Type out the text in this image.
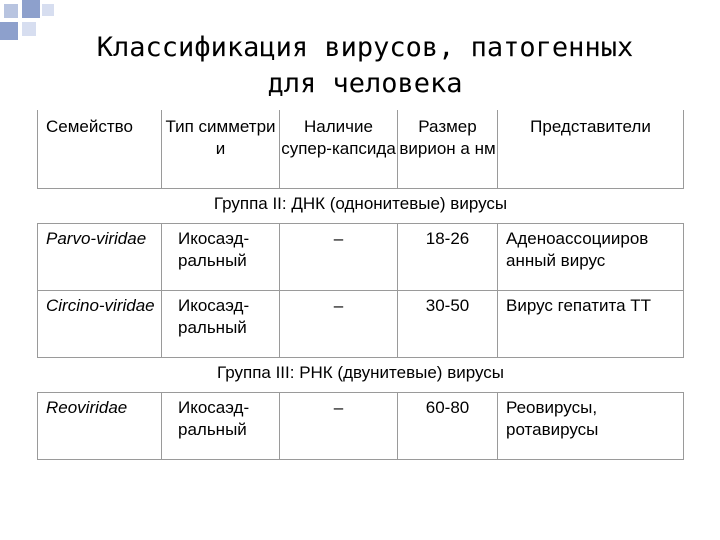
Классификация вирусов, патогенных
для человека
Семейство	Тип симметри и	Наличие супер-капсида	Размер вирион а нм	Представители
Группа II: ДНК (однонитевые) вирусы				
Parvo-viridae	Икосаэд-ральный	–	18-26	Аденоассоцииров анный вирус
Circino-viridae	Икосаэд-ральный	–	30-50	Вирус гепатита ТТ
Группа III: РНК (двунитевые) вирусы				
Reoviridae	Икосаэд-ральный	–	60-80	Реовирусы, ротавирусы
